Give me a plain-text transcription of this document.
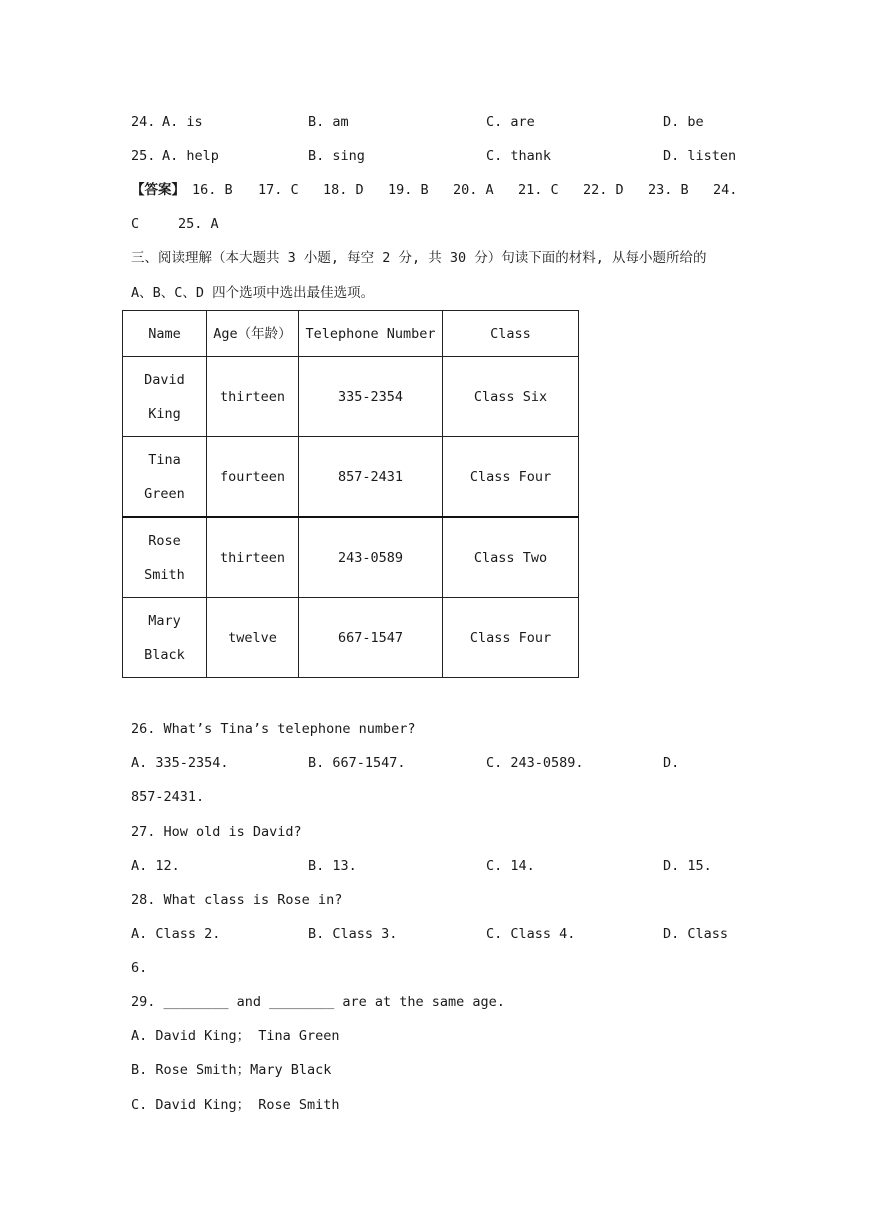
24. A. is	B. am	C. are	D. be
25. A. help	B. sing	C. thank	D. listen
【答案】 16. B 17. C 18. D 19. B 20. A 21. C 22. D 23. B 24.
C	25. A
三、阅读理解（本大题共 3 小题, 每空 2 分, 共 30 分）句读下面的材料, 从每小题所给的
A、B、C、D 四个选项中选出最佳选项。
Name	Age（年龄）	Telephone Number	Class
David
King	thirteen	335-2354	Class Six
Tina
Green	fourteen	857-2431	Class Four
Rose
Smith	thirteen	243-0589	Class Two
Mary
Black	twelve	667-1547	Class Four
26. What’s Tina’s telephone number?
A. 335-2354.	B. 667-1547.	C. 243-0589.	D.
857-2431.
27. How old is David?
A. 12.	B. 13.	C. 14.	D. 15.
28. What class is Rose in?
A. Class 2.	B. Class 3.	C. Class 4.	D. Class
6.
29. ________ and ________ are at the same age.
A. David King； Tina Green
B. Rose Smith；Mary Black
C. David King； Rose Smith
